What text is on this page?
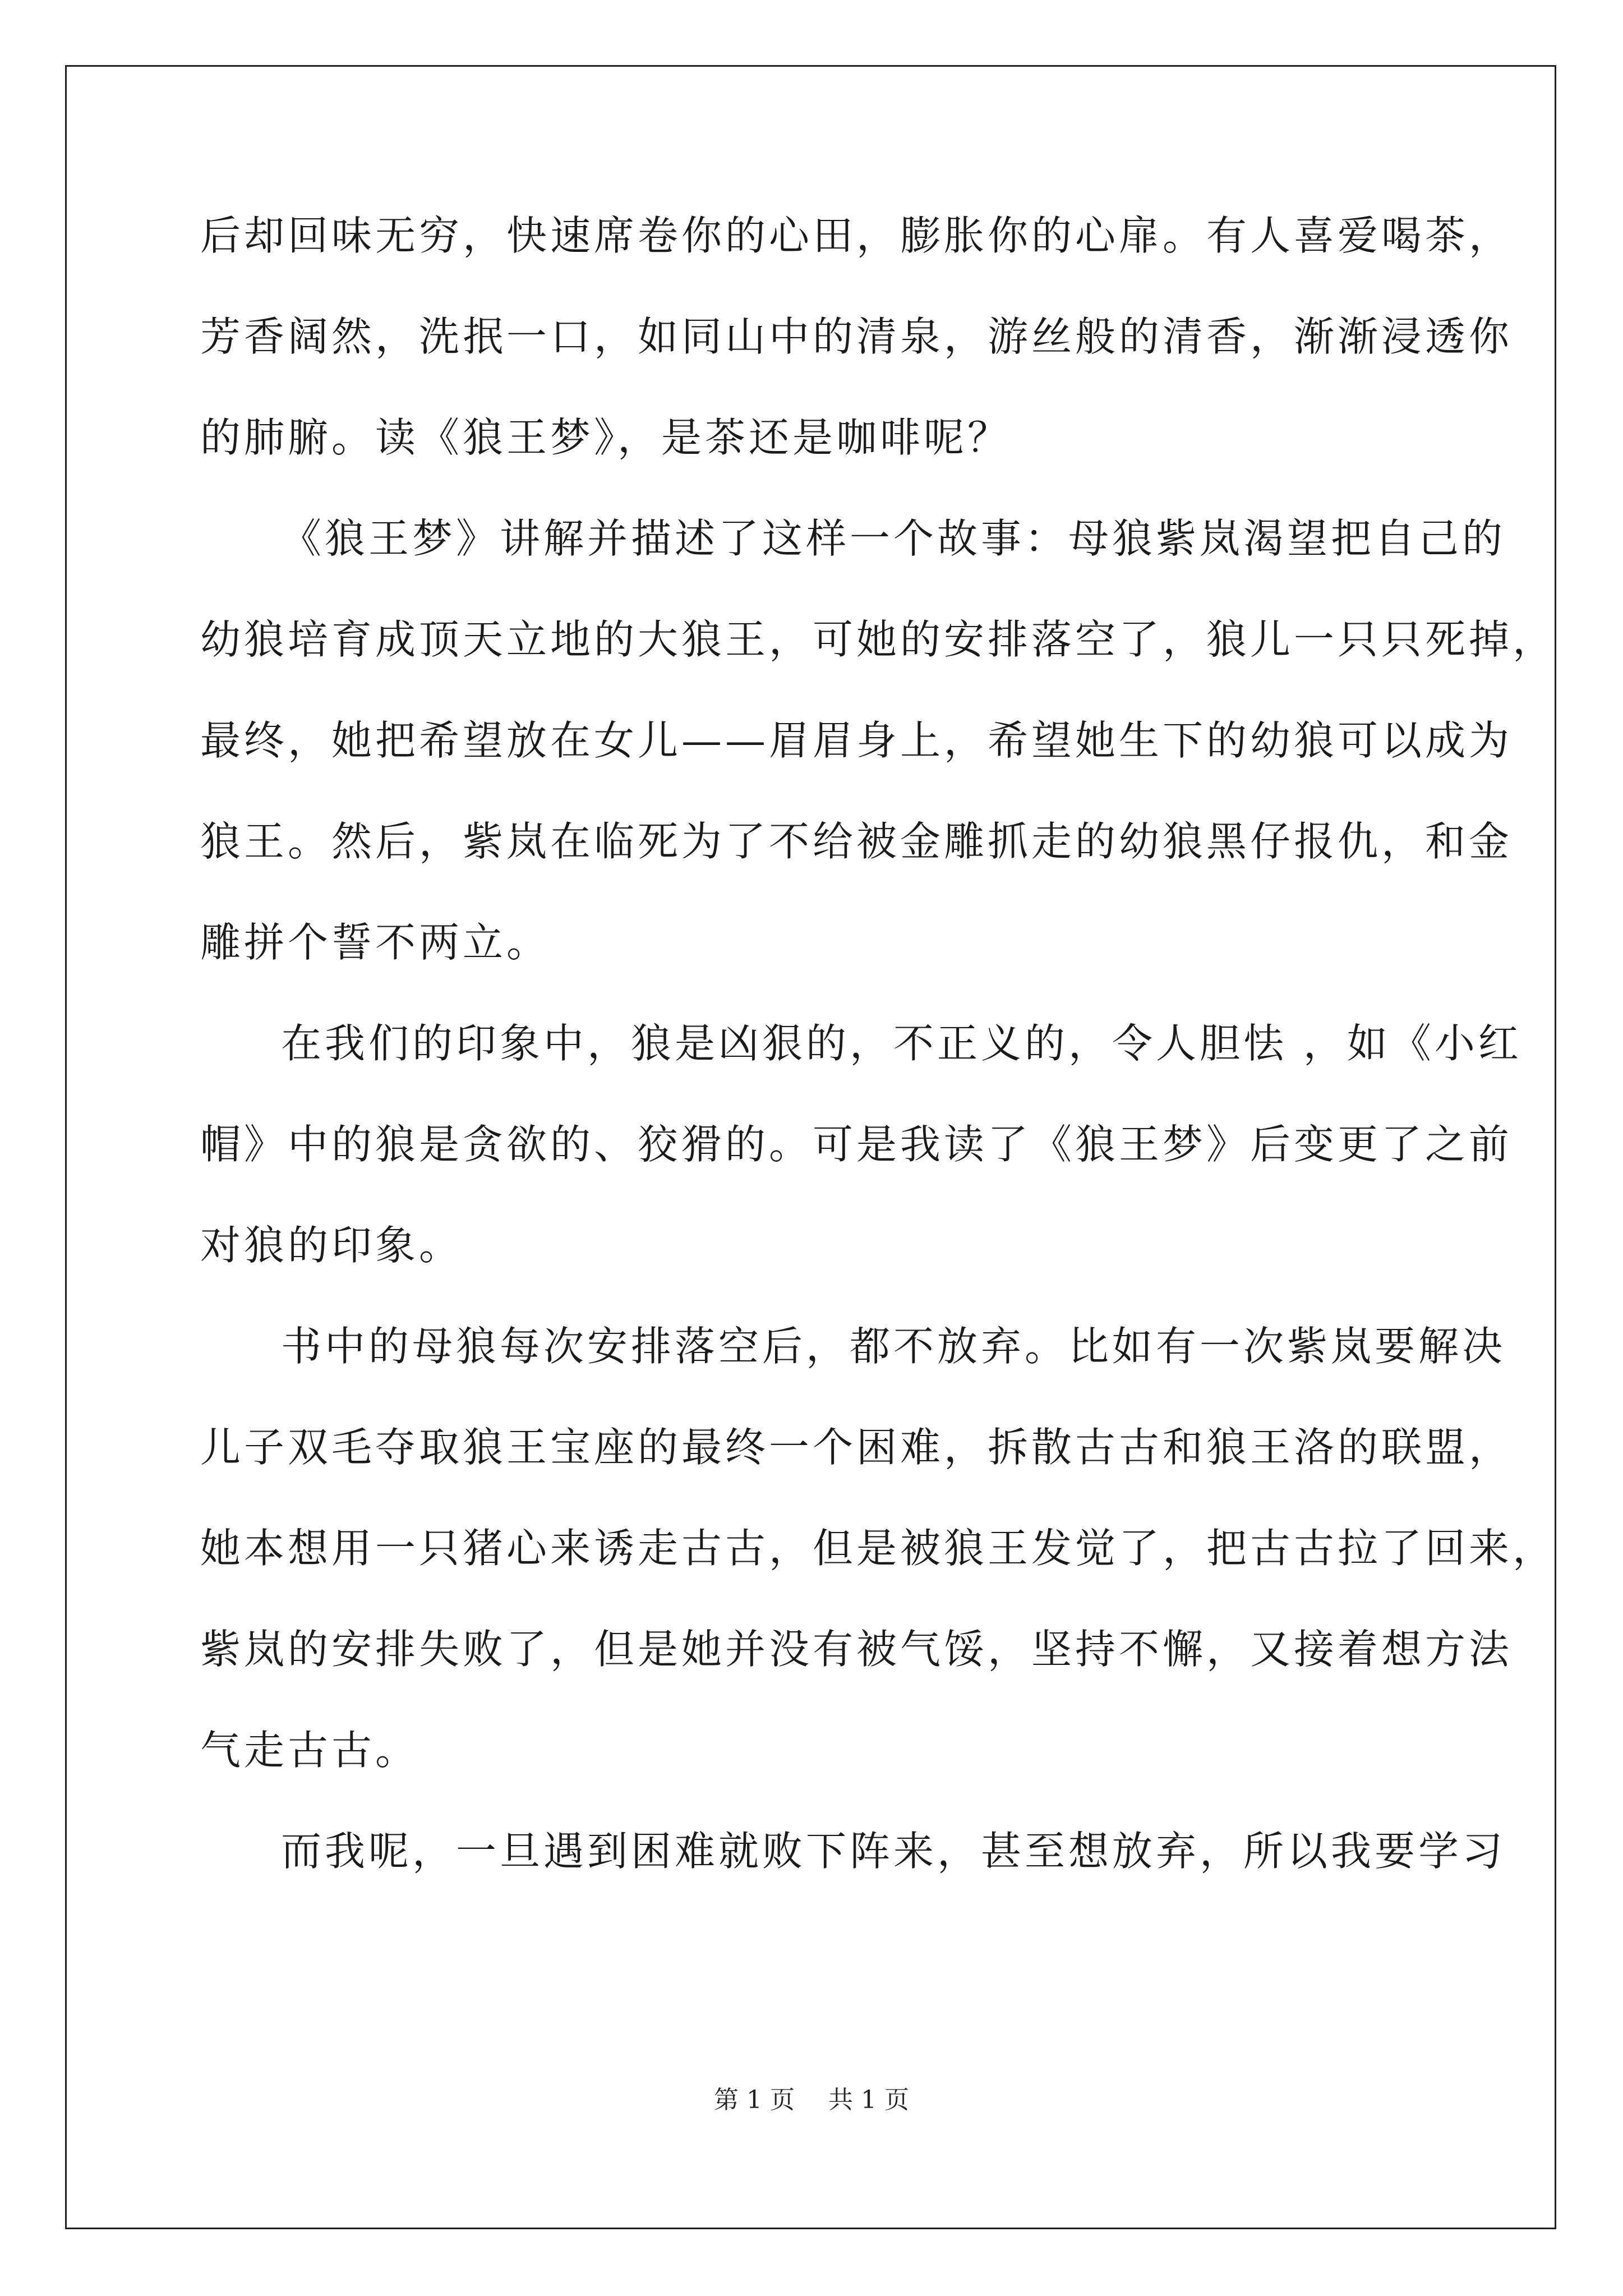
后却回味无穷，快速席卷你的心田，膨胀你的心扉。有人喜爱喝茶，
芳香阔然，洗抿一口，如同山中的清泉，游丝般的清香，渐渐浸透你
的肺腑。读《狼王梦》，是茶还是咖啡呢？
《狼王梦》讲解并描述了这样一个故事：母狼紫岚渴望把自己的
幼狼培育成顶天立地的大狼王，可她的安排落空了，狼儿一只只死掉，
最终，她把希望放在女儿——眉眉身上，希望她生下的幼狼可以成为
狼王。然后，紫岚在临死为了不给被金雕抓走的幼狼黑仔报仇，和金
雕拼个誓不两立。
在我们的印象中，狼是凶狠的，不正义的，令人胆怯 ，如《小红
帽》中的狼是贪欲的、狡猾的。可是我读了《狼王梦》后变更了之前
对狼的印象。
书中的母狼每次安排落空后，都不放弃。比如有一次紫岚要解决
儿子双毛夺取狼王宝座的最终一个困难，拆散古古和狼王洛的联盟，
她本想用一只猪心来诱走古古，但是被狼王发觉了，把古古拉了回来，
紫岚的安排失败了，但是她并没有被气馁，坚持不懈，又接着想方法
气走古古。
而我呢，一旦遇到困难就败下阵来，甚至想放弃，所以我要学习
第 1 页 共 1 页
